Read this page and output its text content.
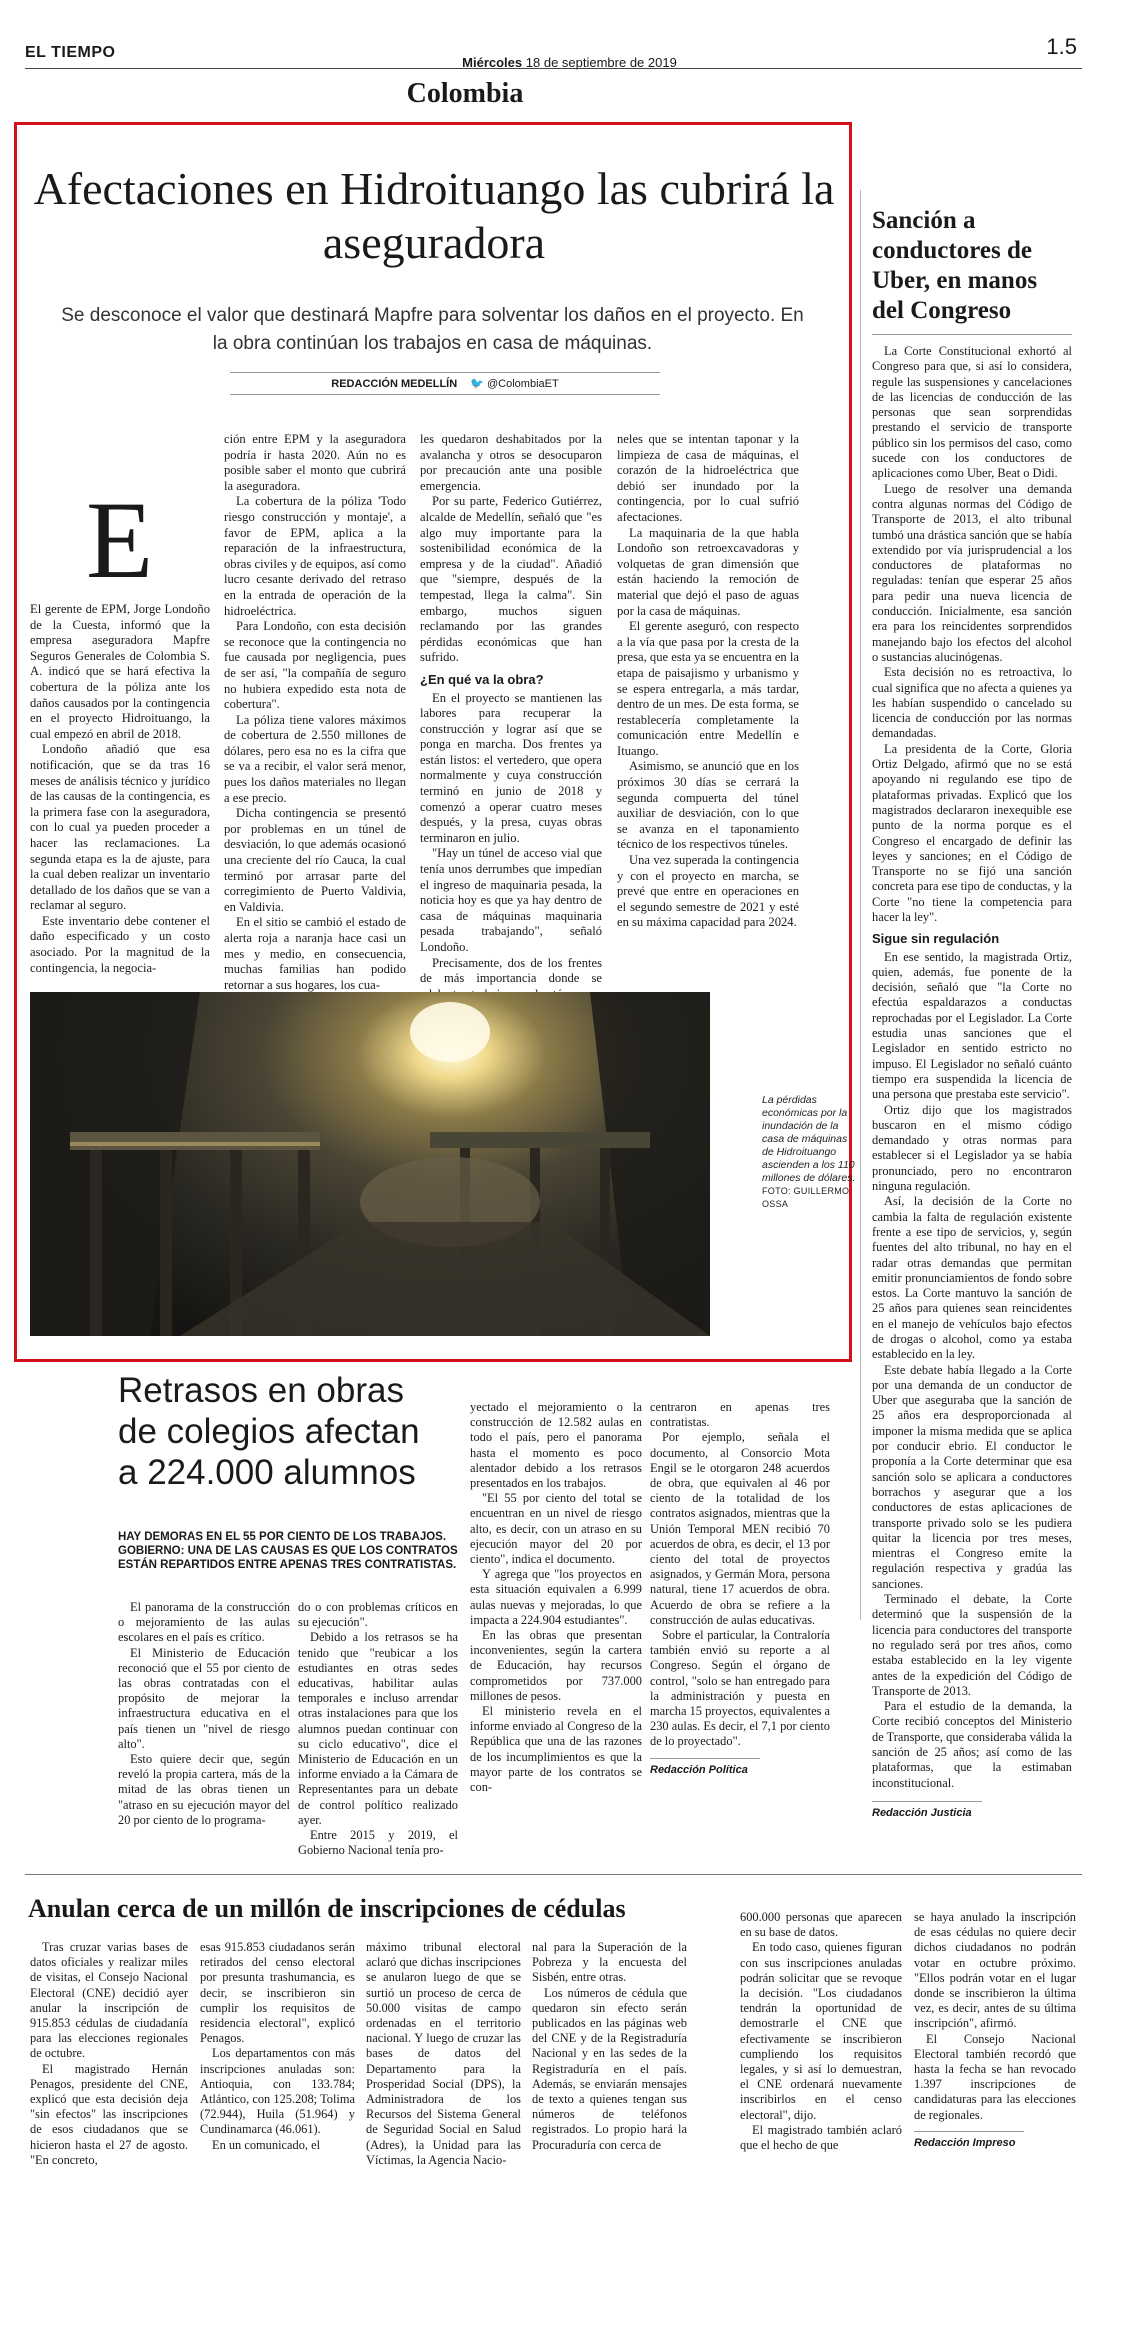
EL TIEMPO
Miércoles 18 de septiembre de 2019
1.5
Colombia
Afectaciones en Hidroituango las cubrirá la aseguradora
Se desconoce el valor que destinará Mapfre para solventar los daños en el proyecto. En la obra continúan los trabajos en casa de máquinas.
REDACCIÓN MEDELLÍN 🐦 @ColombiaET
E

El gerente de EPM, Jorge Londoño de la Cuesta, informó que la empresa aseguradora Mapfre Seguros Generales de Colombia S. A. indicó que se hará efectiva la cobertura de la póliza ante los daños causados por la contingencia en el proyecto Hidroituango, la cual empezó en abril de 2018.

Londoño añadió que esa notificación, que se da tras 16 meses de análisis técnico y jurídico de las causas de la contingencia, es la primera fase con la aseguradora, con lo cual ya pueden proceder a hacer las reclamaciones. La segunda etapa es la de ajuste, para la cual deben realizar un inventario detallado de los daños que se van a reclamar al seguro.

Este inventario debe contener el daño especificado y un costo asociado. Por la magnitud de la contingencia, la negocia-

ción entre EPM y la aseguradora podría ir hasta 2020. Aún no es posible saber el monto que cubrirá la aseguradora.

La cobertura de la póliza 'Todo riesgo construcción y montaje', a favor de EPM, aplica a la reparación de la infraestructura, obras civiles y de equipos, así como lucro cesante derivado del retraso en la entrada de operación de la hidroeléctrica.

Para Londoño, con esta decisión se reconoce que la contingencia no fue causada por negligencia, pues de ser así, "la compañía de seguro no hubiera expedido esta nota de cobertura".

La póliza tiene valores máximos de cobertura de 2.550 millones de dólares, pero esa no es la cifra que se va a recibir, el valor será menor, pues los daños materiales no llegan a ese precio.

Dicha contingencia se presentó por problemas en un túnel de desviación, lo que además ocasionó una creciente del río Cauca, la cual terminó por arrasar parte del corregimiento de Puerto Valdivia, en Valdivia.

En el sitio se cambió el estado de alerta roja a naranja hace casi un mes y medio, en consecuencia, muchas familias han podido retornar a sus hogares, los cua-

les quedaron deshabitados por la avalancha y otros se desocuparon por precaución ante una posible emergencia.

Por su parte, Federico Gutiérrez, alcalde de Medellín, señaló que "es algo muy importante para la sostenibilidad económica de la empresa y de la ciudad". Añadió que "siempre, después de la tempestad, llega la calma". Sin embargo, muchos siguen reclamando por las grandes pérdidas económicas que han sufrido.

¿En qué va la obra?

En el proyecto se mantienen las labores para recuperar la construcción y lograr así que se ponga en marcha. Dos frentes ya están listos: el vertedero, que opera normalmente y cuya construcción terminó en junio de 2018 y comenzó a operar cuatro meses después, y la presa, cuyas obras terminaron en julio.

"Hay un túnel de acceso vial que tenía unos derrumbes que impedían el ingreso de maquinaria pesada, la noticia hoy es que ya hay dentro de casa de máquinas maquinaria pesada trabajando", señaló Londoño.

Precisamente, dos de los frentes de más importancia donde se

neles que se intentan taponar y la limpieza de casa de máquinas, el corazón de la hidroeléctrica que debió ser inundado por la contingencia, por lo cual sufrió afectaciones.

La maquinaria de la que habla Londoño son retroexcavadoras y volquetas de gran dimensión que están haciendo la remoción de material que dejó el paso de aguas por la casa de máquinas.

El gerente aseguró, con respecto a la vía que pasa por la cresta de la presa, que esta ya se encuentra en la etapa de paisajismo y urbanismo y se espera entregarla, a más tardar, dentro de un mes. De esta forma, se restablecería completamente la comunicación entre Medellín e Ituango.

Asimismo, se anunció que en los próximos 30 días se cerrará la segunda compuerta del túnel auxiliar de desviación, con lo que se avanza en el taponamiento técnico de los respectivos túneles.

Una vez superada la contingencia y con el proyecto en marcha, se prevé que entre en operaciones en el segundo semestre de 2021 y esté en su máxima capacidad para 2024.

La pérdidas económicas por la inundación de la casa de máquinas de Hidroituango ascienden a los 110 millones de dólares. FOTO: GUILLERMO OSSA
Sanción a conductores de Uber, en manos del Congreso

La Corte Constitucional exhortó al Congreso para que, si así lo considera, regule las suspensiones y cancelaciones de las licencias de conducción de las personas que sean sorprendidas prestando el servicio de transporte público sin los permisos del caso, como sucede con los conductores de aplicaciones como Uber, Beat o Didi.

Luego de resolver una demanda contra algunas normas del Código de Transporte de 2013, el alto tribunal tumbó una drástica sanción que se había extendido por vía jurisprudencial a los conductores de plataformas no reguladas: tenían que esperar 25 años para pedir una nueva licencia de conducción. Inicialmente, esa sanción era para los reincidentes sorprendidos manejando bajo los efectos del alcohol o sustancias alucinógenas.

Esta decisión no es retroactiva, lo cual significa que no afecta a quienes ya les habían suspendido o cancelado su licencia de conducción por las normas demandadas.

La presidenta de la Corte, Gloria Ortiz Delgado, afirmó que no se está apoyando ni regulando ese tipo de plataformas privadas. Explicó que los magistrados declararon inexequible ese punto de la norma porque es el Congreso el encargado de definir las leyes y sanciones; en el Código de Transporte no se fijó una sanción concreta para ese tipo de conductas, y la Corte "no tiene la competencia para hacer la ley".

Sigue sin regulación

En ese sentido, la magistrada Ortiz, quien, además, fue ponente de la decisión, señaló que "la Corte no efectúa espaldarazos a conductas reprochadas por el Legislador. La Corte estudia unas sanciones que el Legislador en sentido estricto no impuso. El Legislador no señaló cuánto tiempo era suspendida la licencia de una persona que prestaba este servicio".

Ortiz dijo que los magistrados buscaron en el mismo código demandado y otras normas para establecer si el Legislador ya se había pronunciado, pero no encontraron ninguna regulación.

Así, la decisión de la Corte no cambia la falta de regulación existente frente a ese tipo de servicios, y, según fuentes del alto tribunal, no hay en el radar otras demandas que permitan emitir pronunciamientos de fondo sobre estos. La Corte mantuvo la sanción de 25 años para quienes sean reincidentes en el manejo de vehículos bajo efectos de drogas o alcohol, como ya estaba establecido en la ley.

Este debate había llegado a la Corte por una demanda de un conductor de Uber que aseguraba que la sanción de 25 años era desproporcionada al imponer la misma medida que se aplica por conducir ebrio. El conductor le proponía a la Corte determinar que esa sanción solo se aplicara a conductores borrachos y asegurar que a los conductores de estas aplicaciones de transporte privado solo se les pudiera quitar la licencia por tres meses, mientras el Congreso emite la regulación respectiva y gradúa las sanciones.

Terminado el debate, la Corte determinó que la suspensión de la licencia para conductores del transporte no regulado será por tres años, como estaba establecido en la ley vigente antes de la expedición del Código de Transporte de 2013.

Para el estudio de la demanda, la Corte recibió conceptos del Ministerio de Transporte, que consideraba válida la sanción de 25 años; así como de las plataformas, que la estimaban inconstitucional.

Redacción Justicia
Retrasos en obras de colegios afectan a 224.000 alumnos
HAY DEMORAS EN EL 55 POR CIENTO DE LOS TRABAJOS. GOBIERNO: UNA DE LAS CAUSAS ES QUE LOS CONTRATOS ESTÁN REPARTIDOS ENTRE APENAS TRES CONTRATISTAS.

El panorama de la construcción o mejoramiento de las aulas escolares en el país es crítico.

El Ministerio de Educación reconoció que el 55 por ciento de las obras contratadas con el propósito de mejorar la infraestructura educativa en el país tienen un "nivel de riesgo alto".

Esto quiere decir que, según reveló la propia cartera, más de la mitad de las obras tienen un "atraso en su ejecución mayor del 20 por ciento de lo programa-

do o con problemas críticos en su ejecución".

Debido a los retrasos se ha tenido que "reubicar a los estudiantes en otras sedes educativas, habilitar aulas temporales e incluso arrendar otras instalaciones para que los alumnos puedan continuar con su ciclo educativo", dice el Ministerio de Educación en un informe enviado a la Cámara de Representantes para un debate de control político realizado ayer.

Entre 2015 y 2019, el Gobierno Nacional tenía pro-

yectado el mejoramiento o la construcción de 12.582 aulas en todo el país, pero el panorama hasta el momento es poco alentador debido a los retrasos presentados en los trabajos.

"El 55 por ciento del total se encuentran en un nivel de riesgo alto, es decir, con un atraso en su ejecución mayor del 20 por ciento", indica el documento.

Y agrega que "los proyectos en esta situación equivalen a 6.999 aulas nuevas y mejoradas, lo que impacta a 224.904 estudiantes".

En las obras que presentan inconvenientes, según la cartera de Educación, hay recursos comprometidos por 737.000 millones de pesos.

El ministerio revela en el informe enviado al Congreso de la República que una de las razones de los incumplimientos es que la mayor parte de los contratos se con-

centraron en apenas tres contratistas.

Por ejemplo, señala el documento, al Consorcio Mota Engil se le otorgaron 248 acuerdos de obra, que equivalen al 46 por ciento de la totalidad de los contratos asignados, mientras que la Unión Temporal MEN recibió 70 acuerdos de obra, es decir, el 13 por ciento del total de proyectos asignados, y Germán Mora, persona natural, tiene 17 acuerdos de obra. Acuerdo de obra se refiere a la construcción de aulas educativas.

Sobre el particular, la Contraloría también envió su reporte a al Congreso. Según el órgano de control, "solo se han entregado para la administración y puesta en marcha 15 proyectos, equivalentes a 230 aulas. Es decir, el 7,1 por ciento de lo proyectado".

Redacción Política
Anulan cerca de un millón de inscripciones de cédulas

Tras cruzar varias bases de datos oficiales y realizar miles de visitas, el Consejo Nacional Electoral (CNE) decidió ayer anular la inscripción de 915.853 cédulas de ciudadanía para las elecciones regionales de octubre.

El magistrado Hernán Penagos, presidente del CNE, explicó que esta decisión deja "sin efectos" las inscripciones de esos ciudadanos que se hicieron hasta el 27 de agosto. "En concreto,

esas 915.853 ciudadanos serán retirados del censo electoral por presunta trashumancia, es decir, se inscribieron sin cumplir los requisitos de residencia electoral", explicó Penagos.

Los departamentos con más inscripciones anuladas son: Antioquia, con 133.784; Atlántico, con 125.208; Tolima (72.944), Huila (51.964) y Cundinamarca (46.061).

En un comunicado, el

máximo tribunal electoral aclaró que dichas inscripciones se anularon luego de que se surtió un proceso de cerca de 50.000 visitas de campo ordenadas en el territorio nacional. Y luego de cruzar las bases de datos del Departamento para la Prosperidad Social (DPS), la Administradora de los Recursos del Sistema General de Seguridad Social en Salud (Adres), la Unidad para las Víctimas, la Agencia Nacio-

nal para la Superación de la Pobreza y la encuesta del Sisbén, entre otras.

Los números de cédula que quedaron sin efecto serán publicados en las páginas web del CNE y de la Registraduría Nacional y en las sedes de la Registraduría en el país. Además, se enviarán mensajes de texto a quienes tengan sus números de teléfonos registrados. Lo propio hará la Procuraduría con cerca de

600.000 personas que aparecen en su base de datos.

En todo caso, quienes figuran con sus inscripciones anuladas podrán solicitar que se revoque la decisión. "Los ciudadanos tendrán la oportunidad de demostrarle el CNE que efectivamente se inscribieron cumpliendo los requisitos legales, y si así lo demuestran, el CNE ordenará nuevamente inscribirlos en el censo electoral", dijo.

El magistrado también aclaró que el hecho de que

se haya anulado la inscripción de esas cédulas no quiere decir dichos ciudadanos no podrán votar en octubre próximo. "Ellos podrán votar en el lugar donde se inscribieron la última vez, es decir, antes de su última inscripción", afirmó.

El Consejo Nacional Electoral también recordó que hasta la fecha se han revocado 1.397 inscripciones de candidaturas para las elecciones de regionales.

Redacción Impreso
